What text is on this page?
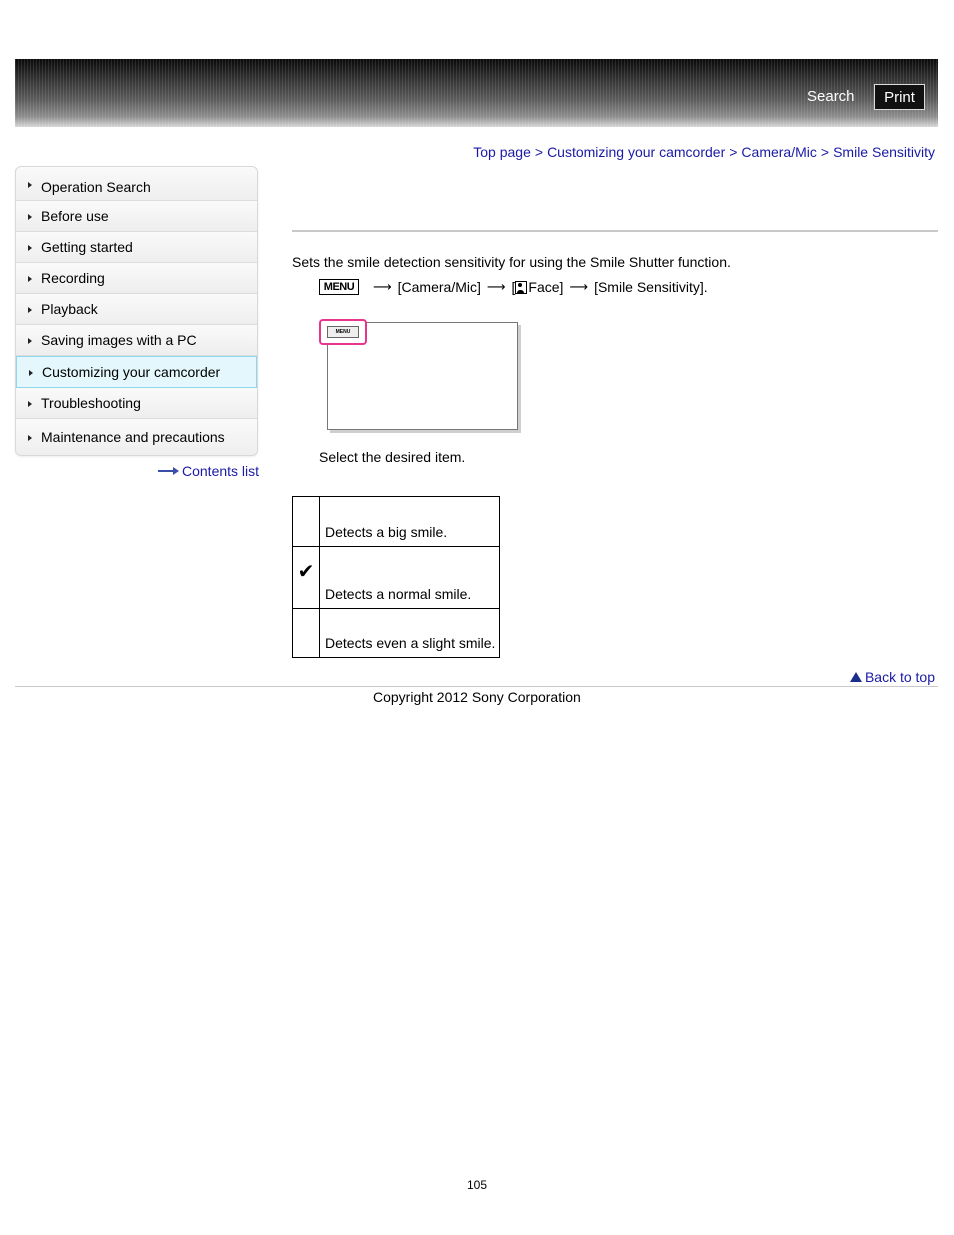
Search	Print
Top page > Customizing your camcorder > Camera/Mic > Smile Sensitivity
Operation Search
Before use
Getting started
Recording
Playback
Saving images with a PC
Customizing your camcorder
Troubleshooting
Maintenance and precautions
Contents list
Sets the smile detection sensitivity for using the Smile Shutter function.
MENU	⟶ [Camera/Mic] ⟶ [ Face] ⟶ [Smile Sensitivity].
MENU
Select the desired item.
	Detects a big smile.

✔	Detects a normal smile.
	Detects even a slight smile.
Back to top
Copyright 2012 Sony Corporation
105
